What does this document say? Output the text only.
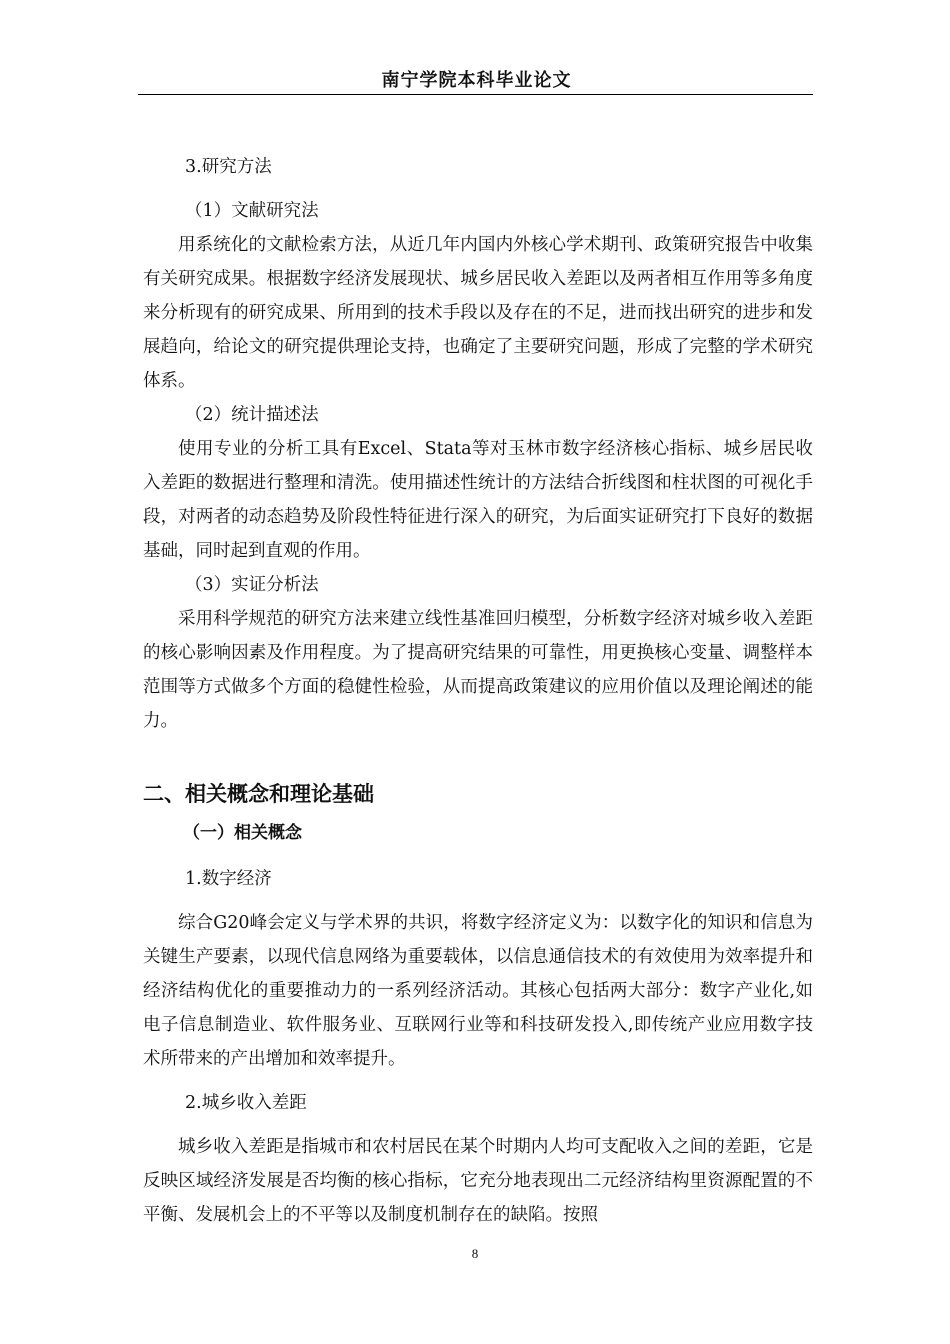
南宁学院本科毕业论文

3.研究方法

（1）文献研究法

用系统化的文献检索方法，从近几年内国内外核心学术期刊、政策研究报告中收集有关研究成果。根据数字经济发展现状、城乡居民收入差距以及两者相互作用等多角度来分析现有的研究成果、所用到的技术手段以及存在的不足，进而找出研究的进步和发展趋向，给论文的研究提供理论支持，也确定了主要研究问题，形成了完整的学术研究体系。

（2）统计描述法

使用专业的分析工具有Excel、Stata等对玉林市数字经济核心指标、城乡居民收入差距的数据进行整理和清洗。使用描述性统计的方法结合折线图和柱状图的可视化手段，对两者的动态趋势及阶段性特征进行深入的研究，为后面实证研究打下良好的数据基础，同时起到直观的作用。

（3）实证分析法

采用科学规范的研究方法来建立线性基准回归模型，分析数字经济对城乡收入差距的核心影响因素及作用程度。为了提高研究结果的可靠性，用更换核心变量、调整样本范围等方式做多个方面的稳健性检验，从而提高政策建议的应用价值以及理论阐述的能力。

二、相关概念和理论基础

（一）相关概念

1.数字经济

综合G20峰会定义与学术界的共识，将数字经济定义为：以数字化的知识和信息为关键生产要素，以现代信息网络为重要载体，以信息通信技术的有效使用为效率提升和经济结构优化的重要推动力的一系列经济活动。其核心包括两大部分：数字产业化,如电子信息制造业、软件服务业、互联网行业等和科技研发投入,即传统产业应用数字技术所带来的产出增加和效率提升。

2.城乡收入差距

城乡收入差距是指城市和农村居民在某个时期内人均可支配收入之间的差距，它是反映区域经济发展是否均衡的核心指标，它充分地表现出二元经济结构里资源配置的不平衡、发展机会上的不平等以及制度机制存在的缺陷。按照

8
